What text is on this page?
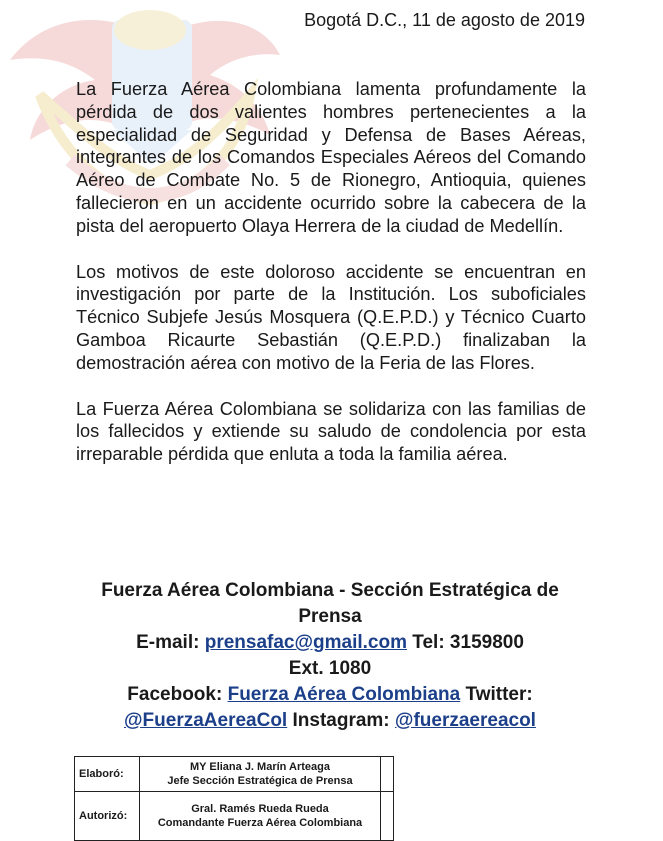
Bogotá D.C., 11 de agosto de 2019

La Fuerza Aérea Colombiana lamenta profundamente la pérdida de dos valientes hombres pertenecientes a la especialidad de Seguridad y Defensa de Bases Aéreas, integrantes de los Comandos Especiales Aéreos del Comando Aéreo de Combate No. 5 de Rionegro, Antioquia, quienes fallecieron en un accidente ocurrido sobre la cabecera de la pista del aeropuerto Olaya Herrera de la ciudad de Medellín.

Los motivos de este doloroso accidente se encuentran en investigación por parte de la Institución. Los suboficiales Técnico Subjefe Jesús Mosquera (Q.E.P.D.) y Técnico Cuarto Gamboa Ricaurte Sebastián (Q.E.P.D.) finalizaban la demostración aérea con motivo de la Feria de las Flores.

La Fuerza Aérea Colombiana se solidariza con las familias de los fallecidos y extiende su saludo de condolencia por esta irreparable pérdida que enluta a toda la familia aérea.

Fuerza Aérea Colombiana - Sección Estratégica de Prensa
E-mail: prensafac@gmail.com Tel: 3159800 Ext. 1080
Facebook: Fuerza Aérea Colombiana Twitter:
@FuerzaAereaCol Instagram: @fuerzaereacol
Elaboró:	MY Eliana J. Marín Arteaga
Jefe Sección Estratégica de Prensa	

Autorizó:	Gral. Ramés Rueda Rueda
Comandante Fuerza Aérea Colombiana	
